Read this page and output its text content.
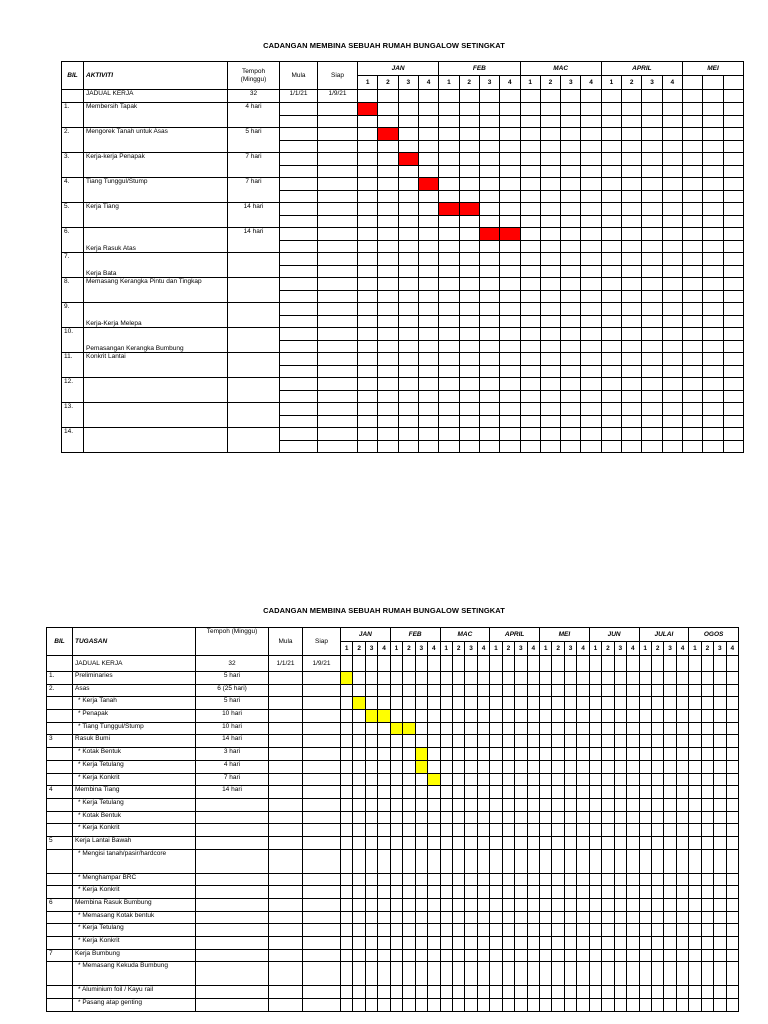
CADANGAN MEMBINA SEBUAH RUMAH BUNGALOW SETINGKAT
BIL	AKTIVITI	Tempoh (Minggu)	Mula	Siap	JAN				FEB				MAC				APRIL				MEI		
					1	2	3	4	1	2	3	4	1	2	3	4	1	2	3	4			
	JADUAL KERJA	32	1/1/21	1/9/21																			
1.	Membersih Tapak	4 hari																					

2.	Mengorek Tanah untuk Asas	5 hari																					

3.	Kerja-kerja Penapak	7 hari																					

4.	Tiang Tunggul/Stump	7 hari																					

5.	Kerja Tiang	14 hari																					

6.	Kerja Rasuk Atas	14 hari																					

7.	Kerja Bata																						

8.	Memasang Kerangka Pintu dan Tingkap																						

9.	Kerja-Kerja Melepa																						

10.	Pemasangan Kerangka Bumbung																						

11.	Konkrit Lantai																						

12.																							

13.																							

14.																							

CADANGAN MEMBINA SEBUAH RUMAH BUNGALOW SETINGKAT
BIL	TUGASAN	Tempoh (Minggu)	Mula	Siap	JAN				FEB				MAC				APRIL				MEI				JUN				JULAI				OGOS			
					1	2	3	4	1	2	3	4	1	2	3	4	1	2	3	4	1	2	3	4	1	2	3	4	1	2	3	4	1	2	3	4
	JADUAL KERJA	32	1/1/21	1/9/21																																
1.	Preliminaries	5 hari																																		
2.	Asas	6 (25 hari)																																		
	* Kerja Tanah	5 hari																																		
	* Penapak	10 hari																																		
	* Tiang Tunggul/Stump	10 hari																																		
3	Rasuk Bumi	14 hari																																		
	* Kotak Bentuk	3 hari																																		
	* Kerja Tetulang	4 hari																																		
	* Kerja Konkrit	7 hari																																		
4	Membina Tiang	14 hari																																		
	* Kerja Tetulang																																			
	* Kotak Bentuk																																			
	* Kerja Konkrit																																			
5	Kerja Lantai Bawah																																			
	* Mengisi tanah/pasir/hardcore																																			
	* Menghampar BRC																																			
	* Kerja Konkrit																																			
6	Membina Rasuk Bumbung																																			
	* Memasang Kotak bentuk																																			
	* Kerja Tetulang																																			
	* Kerja Konkrit																																			
7	Kerja Bumbung																																			
	* Memasang Kekuda Bumbung																																			
	* Aluminium foil / Kayu rail																																			
	* Pasang atap genting																																			
